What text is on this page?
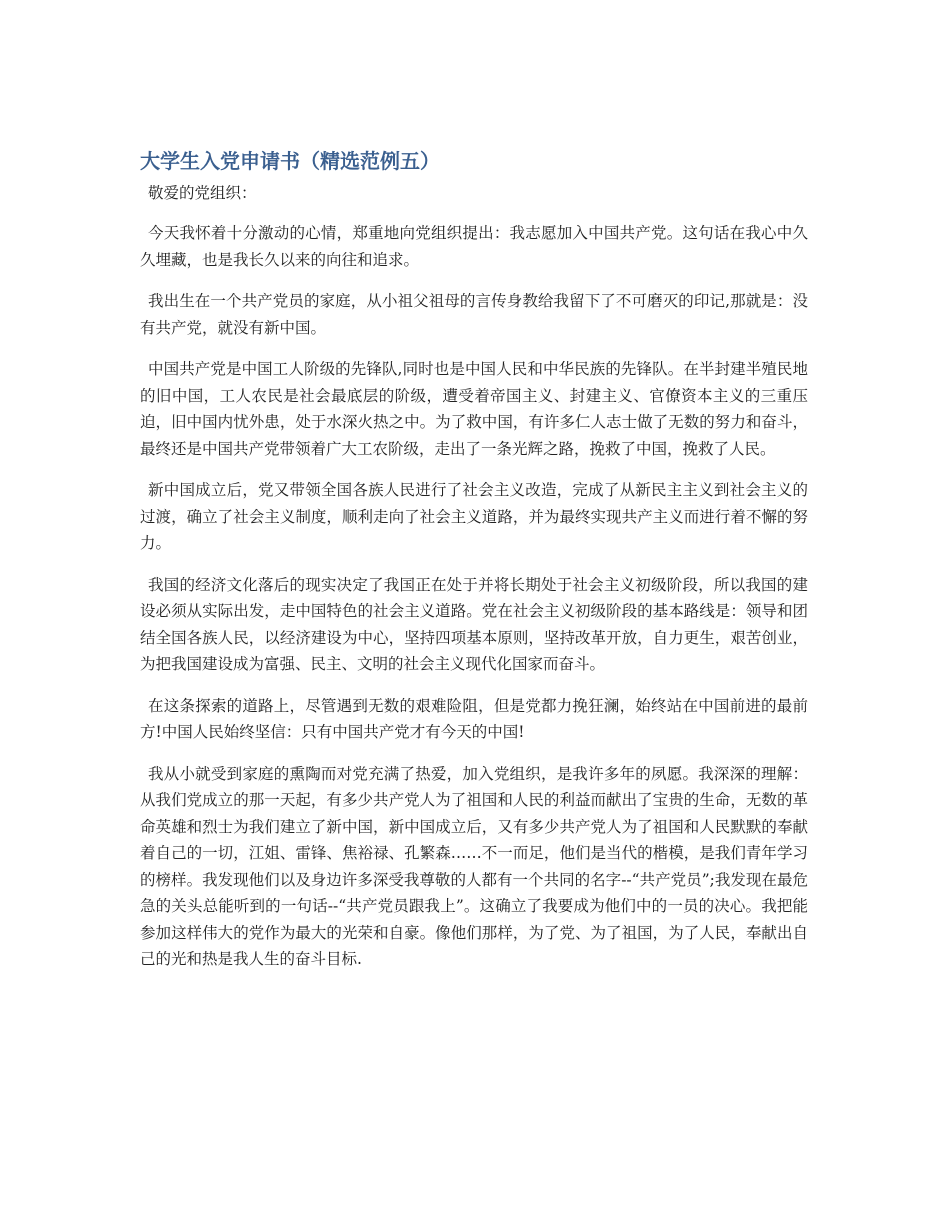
大学生入党申请书（精选范例五）

敬爱的党组织：

今天我怀着十分激动的心情，郑重地向党组织提出：我志愿加入中国共产党。这句话在我心中久久埋藏，也是我长久以来的向往和追求。

我出生在一个共产党员的家庭，从小祖父祖母的言传身教给我留下了不可磨灭的印记,那就是：没有共产党，就没有新中国。

中国共产党是中国工人阶级的先锋队,同时也是中国人民和中华民族的先锋队。在半封建半殖民地的旧中国，工人农民是社会最底层的阶级，遭受着帝国主义、封建主义、官僚资本主义的三重压迫，旧中国内忧外患，处于水深火热之中。为了救中国，有许多仁人志士做了无数的努力和奋斗，最终还是中国共产党带领着广大工农阶级，走出了一条光辉之路，挽救了中国，挽救了人民。

新中国成立后，党又带领全国各族人民进行了社会主义改造，完成了从新民主主义到社会主义的过渡，确立了社会主义制度，顺利走向了社会主义道路，并为最终实现共产主义而进行着不懈的努力。

我国的经济文化落后的现实决定了我国正在处于并将长期处于社会主义初级阶段，所以我国的建设必须从实际出发，走中国特色的社会主义道路。党在社会主义初级阶段的基本路线是：领导和团结全国各族人民，以经济建设为中心，坚持四项基本原则，坚持改革开放，自力更生，艰苦创业，为把我国建设成为富强、民主、文明的社会主义现代化国家而奋斗。

在这条探索的道路上，尽管遇到无数的艰难险阻，但是党都力挽狂澜，始终站在中国前进的最前方!中国人民始终坚信：只有中国共产党才有今天的中国!

我从小就受到家庭的熏陶而对党充满了热爱，加入党组织，是我许多年的夙愿。我深深的理解：从我们党成立的那一天起，有多少共产党人为了祖国和人民的利益而献出了宝贵的生命，无数的革命英雄和烈士为我们建立了新中国，新中国成立后，又有多少共产党人为了祖国和人民默默的奉献着自己的一切，江姐、雷锋、焦裕禄、孔繁森……不一而足，他们是当代的楷模，是我们青年学习的榜样。我发现他们以及身边许多深受我尊敬的人都有一个共同的名字--“共产党员”;我发现在最危急的关头总能听到的一句话--“共产党员跟我上”。这确立了我要成为他们中的一员的决心。我把能参加这样伟大的党作为最大的光荣和自豪。像他们那样，为了党、为了祖国，为了人民，奉献出自己的光和热是我人生的奋斗目标.
